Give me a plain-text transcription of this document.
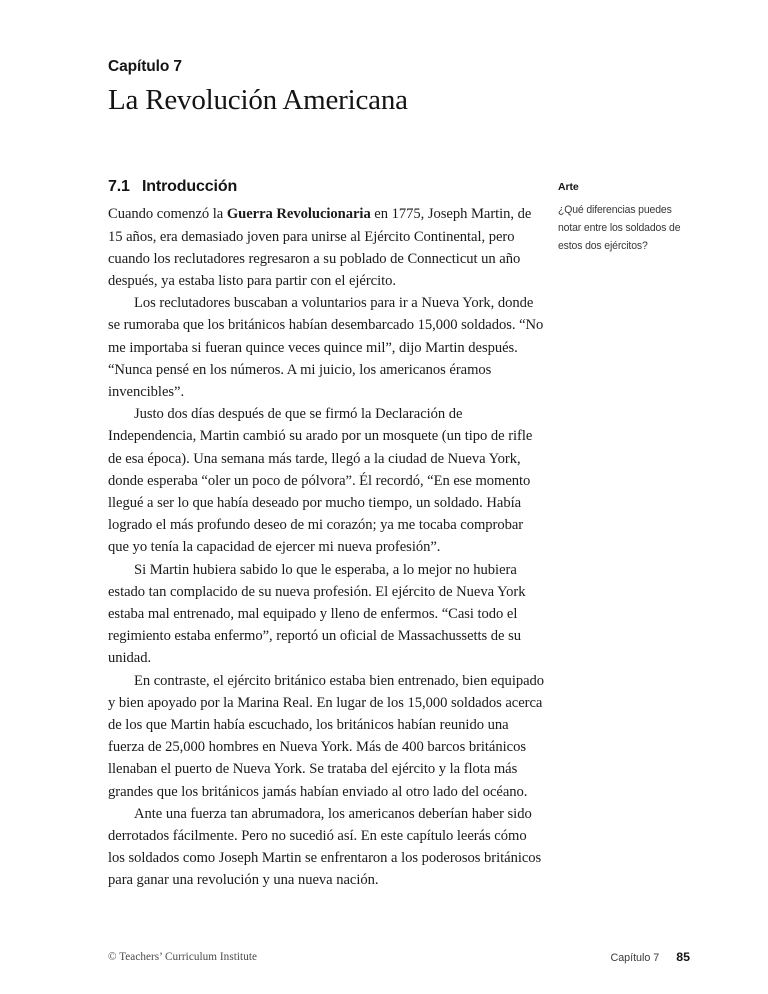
Capítulo 7
La Revolución Americana
7.1 Introducción

Cuando comenzó la Guerra Revolucionaria en 1775, Joseph Martin, de 15 años, era demasiado joven para unirse al Ejército Continental, pero cuando los reclutadores regresaron a su poblado de Connecticut un año después, ya estaba listo para partir con el ejército.

Los reclutadores buscaban a voluntarios para ir a Nueva York, donde se rumoraba que los británicos habían desembarcado 15,000 soldados. “No me importaba si fueran quince veces quince mil”, dijo Martin después. “Nunca pensé en los números. A mi juicio, los americanos éramos invencibles”.

Justo dos días después de que se firmó la Declaración de Independencia, Martin cambió su arado por un mosquete (un tipo de rifle de esa época). Una semana más tarde, llegó a la ciudad de Nueva York, donde esperaba “oler un poco de pólvora”. Él recordó, “En ese momento llegué a ser lo que había deseado por mucho tiempo, un soldado. Había logrado el más profundo deseo de mi corazón; ya me tocaba comprobar que yo tenía la capacidad de ejercer mi nueva profesión”.

Si Martin hubiera sabido lo que le esperaba, a lo mejor no hubiera estado tan complacido de su nueva profesión. El ejército de Nueva York estaba mal entrenado, mal equipado y lleno de enfermos. “Casi todo el regimiento estaba enfermo”, reportó un oficial de Massachussetts de su unidad.

En contraste, el ejército británico estaba bien entrenado, bien equipado y bien apoyado por la Marina Real. En lugar de los 15,000 soldados acerca de los que Martin había escuchado, los británicos habían reunido una fuerza de 25,000 hombres en Nueva York. Más de 400 barcos británicos llenaban el puerto de Nueva York. Se trataba del ejército y la flota más grandes que los británicos jamás habían enviado al otro lado del océano.

Ante una fuerza tan abrumadora, los americanos deberían haber sido derrotados fácilmente. Pero no sucedió así. En este capítulo leerás cómo los soldados como Joseph Martin se enfrentaron a los poderosos británicos para ganar una revolución y una nueva nación.

Arte
¿Qué diferencias puedes notar entre los soldados de estos dos ejércitos?
© Teachers’ Curriculum Institute	Capítulo 7 85
